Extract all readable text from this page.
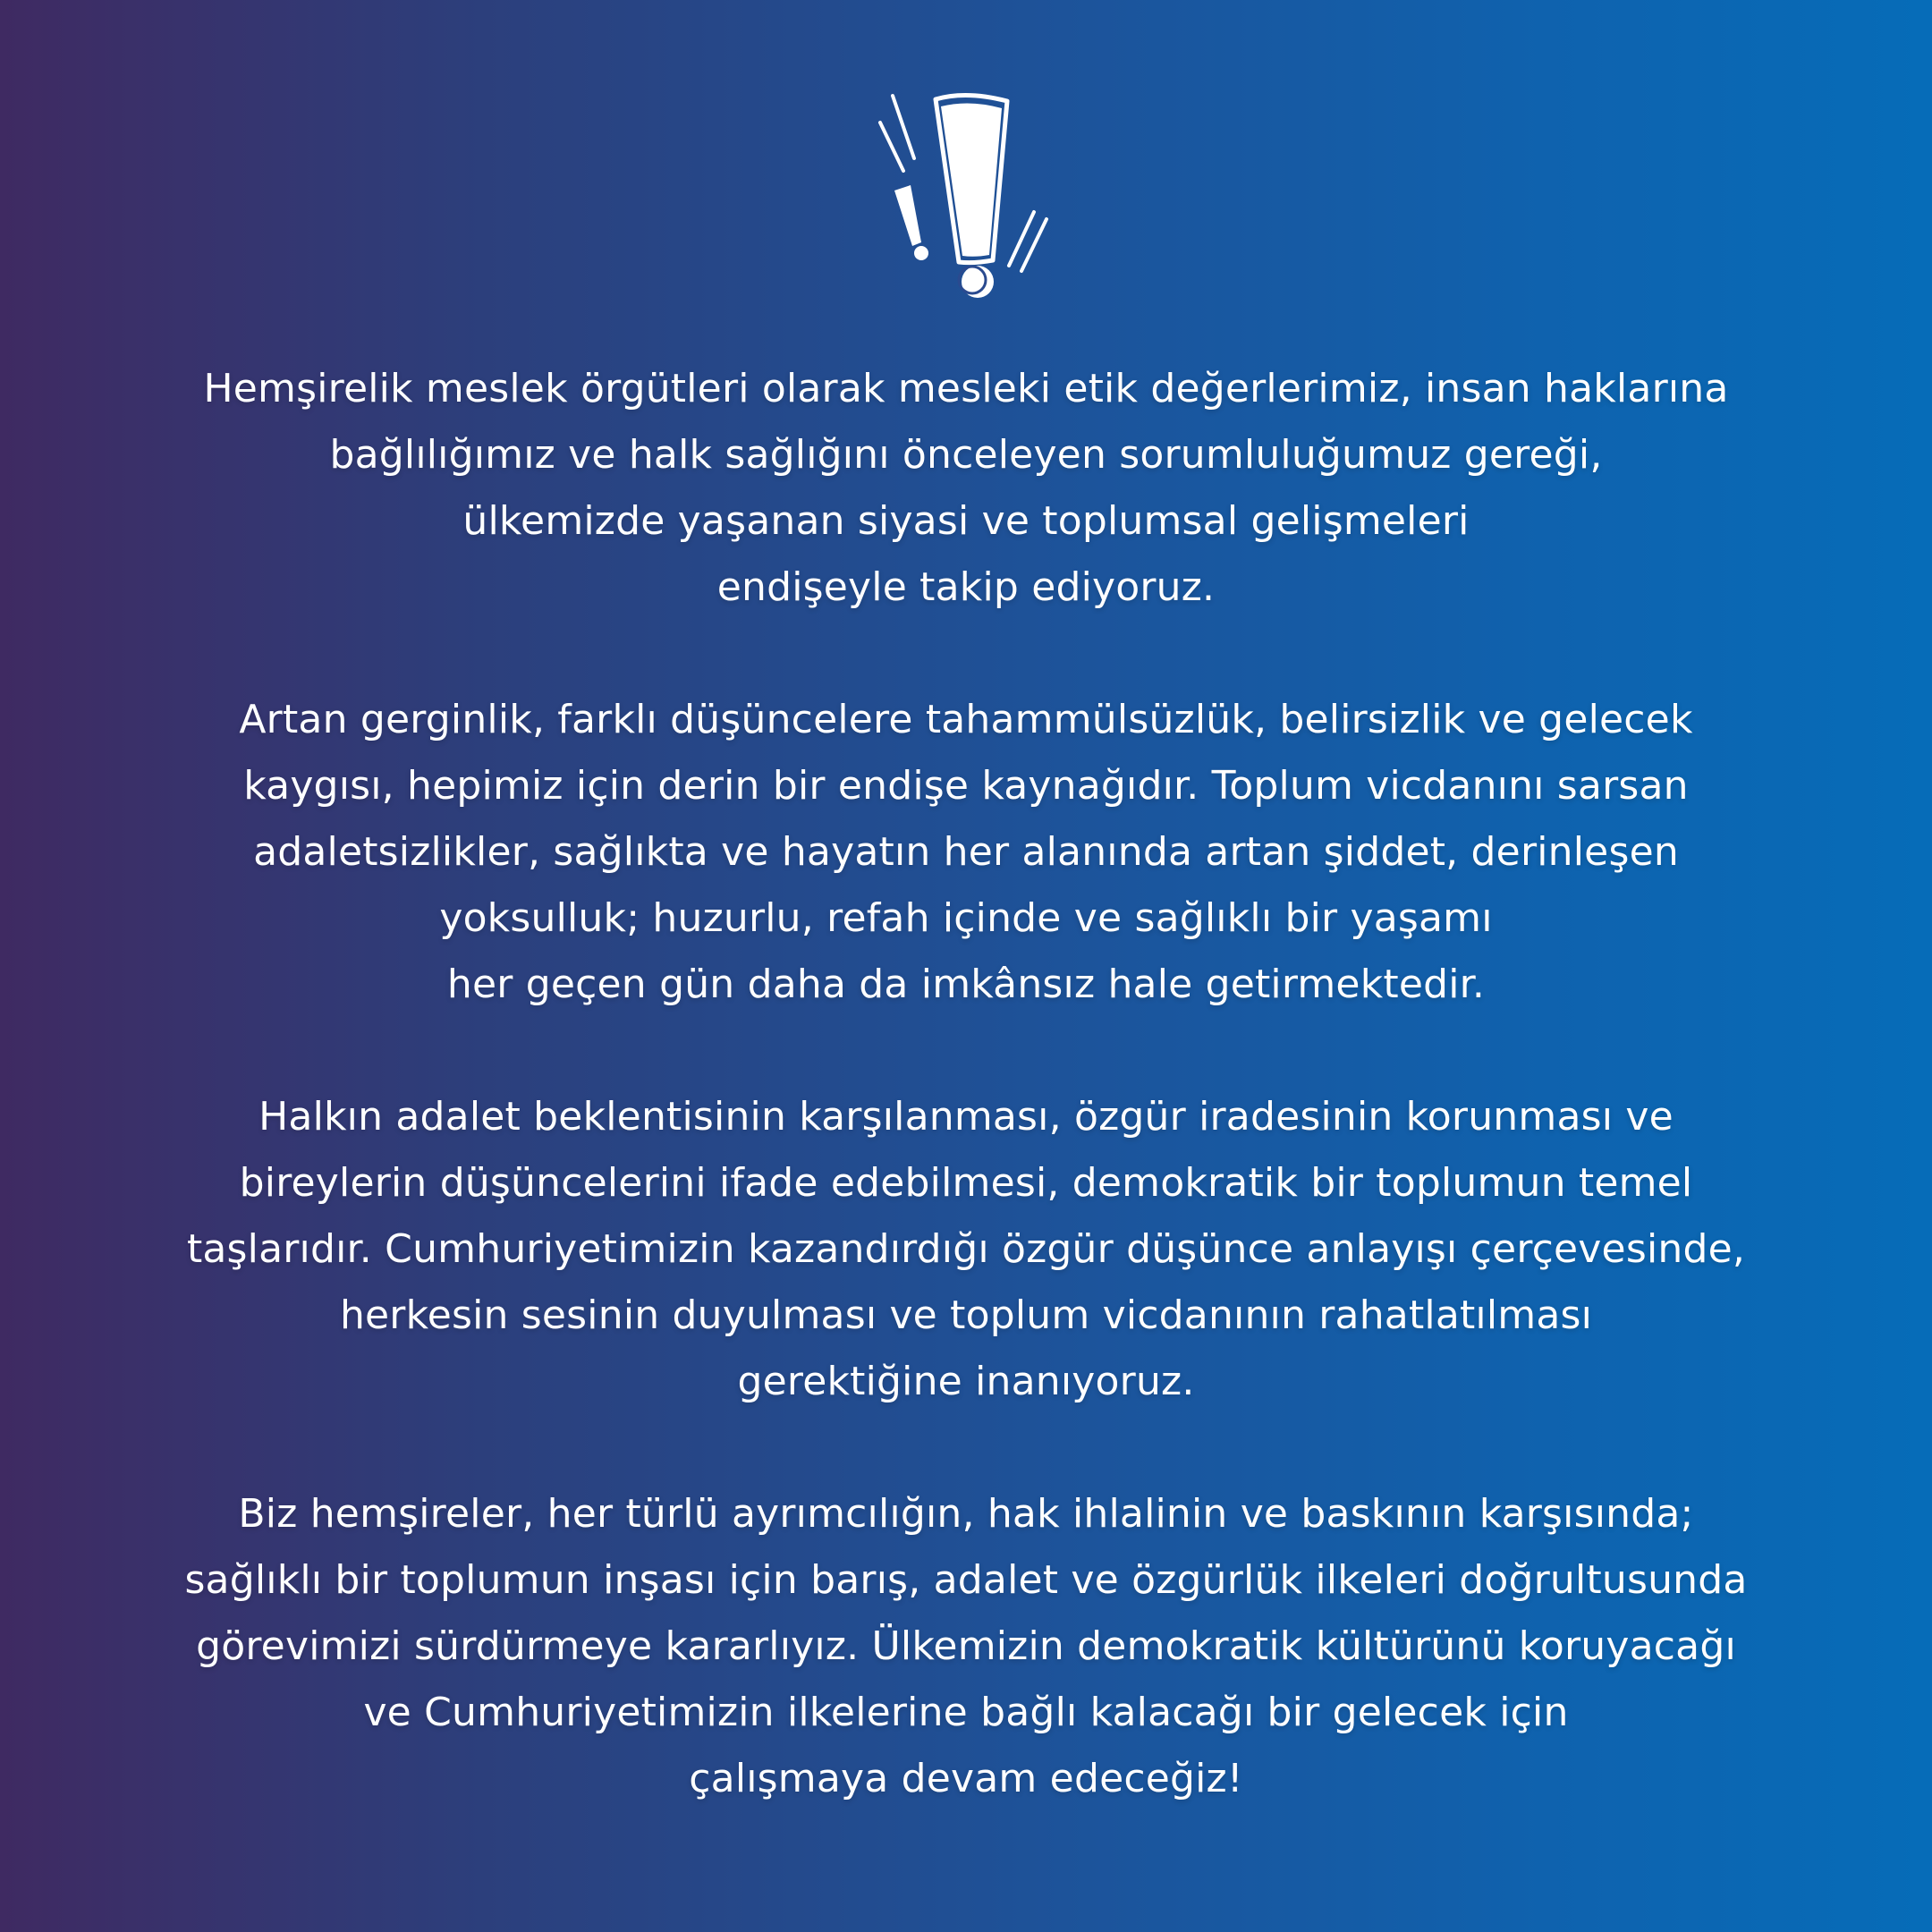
Hemşirelik meslek örgütleri olarak mesleki etik değerlerimiz, insan haklarına
bağlılığımız ve halk sağlığını önceleyen sorumluluğumuz gereği,
ülkemizde yaşanan siyasi ve toplumsal gelişmeleri
endişeyle takip ediyoruz.
Artan gerginlik, farklı düşüncelere tahammülsüzlük, belirsizlik ve gelecek
kaygısı, hepimiz için derin bir endişe kaynağıdır. Toplum vicdanını sarsan
adaletsizlikler, sağlıkta ve hayatın her alanında artan şiddet, derinleşen
yoksulluk; huzurlu, refah içinde ve sağlıklı bir yaşamı
her geçen gün daha da imkânsız hale getirmektedir.
Halkın adalet beklentisinin karşılanması, özgür iradesinin korunması ve
bireylerin düşüncelerini ifade edebilmesi, demokratik bir toplumun temel
taşlarıdır. Cumhuriyetimizin kazandırdığı özgür düşünce anlayışı çerçevesinde,
herkesin sesinin duyulması ve toplum vicdanının rahatlatılması
gerektiğine inanıyoruz.
Biz hemşireler, her türlü ayrımcılığın, hak ihlalinin ve baskının karşısında;
sağlıklı bir toplumun inşası için barış, adalet ve özgürlük ilkeleri doğrultusunda
görevimizi sürdürmeye kararlıyız. Ülkemizin demokratik kültürünü koruyacağı
ve Cumhuriyetimizin ilkelerine bağlı kalacağı bir gelecek için
çalışmaya devam edeceğiz!
